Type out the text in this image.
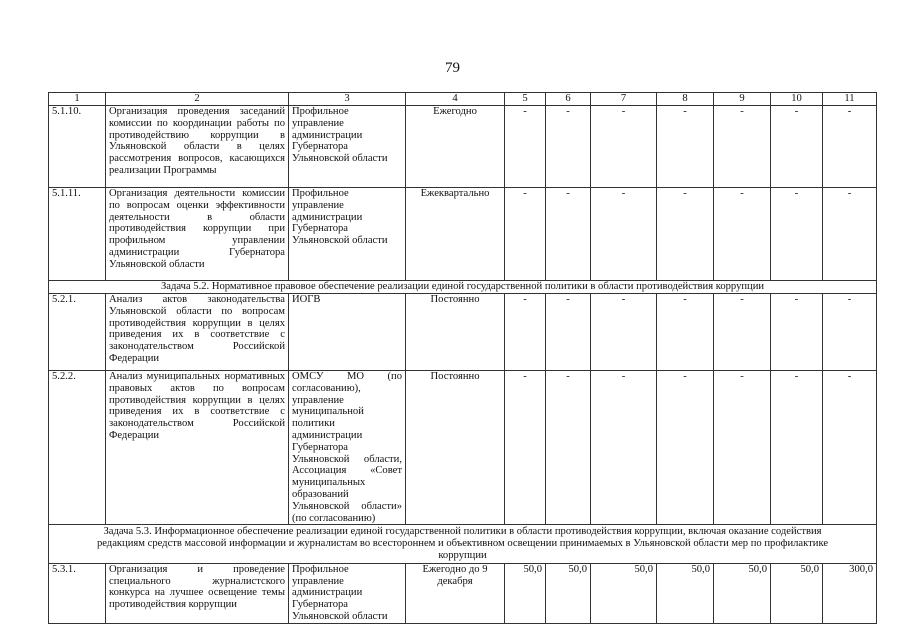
79
1	2	3	4	5	6	7	8	9	10	11
5.1.10.	Организация проведения заседаний комиссии по координации работы по противодействию коррупции в Ульяновской области в целях рассмотрения вопросов, касающихся реализации Программы	Профильное управление администрации Губернатора Ульяновской области	Ежегодно	-	-	-	-	-	-	-
5.1.11.	Организация деятельности комиссии по вопросам оценки эффективности деятельности в области противодействия коррупции при профильном управлении администрации Губернатора Ульяновской области	Профильное управление администрации Губернатора Ульяновской области	Ежеквартально	-	-	-	-	-	-	-
Задача 5.2. Нормативное правовое обеспечение реализации единой государственной политики в области противодействия коррупции										
5.2.1.	Анализ актов законодательства Ульяновской области по вопросам противодействия коррупции в целях приведения их в соответствие с законодательством Российской Федерации	ИОГВ	Постоянно	-	-	-	-	-	-	-
5.2.2.	Анализ муниципальных нормативных правовых актов по вопросам противодействия коррупции в целях приведения их в соответствие с законодательством Российской Федерации	ОМСУ МО (по согласованию), управление муниципальной политики администрации Губернатора Ульяновской области, Ассоциация «Совет муниципальных образований Ульяновской области» (по согласованию)	Постоянно	-	-	-	-	-	-	-
Задача 5.3. Информационное обеспечение реализации единой государственной политики в области противодействия коррупции, включая оказание содействия редакциям средств массовой информации и журналистам во всестороннем и объективном освещении принимаемых в Ульяновской области мер по профилактике коррупции										
5.3.1.	Организация и проведение специального журналистского конкурса на лучшее освещение темы противодействия коррупции	Профильное управление администрации Губернатора Ульяновской области	Ежегодно до 9 декабря	50,0	50,0	50,0	50,0	50,0	50,0	300,0
